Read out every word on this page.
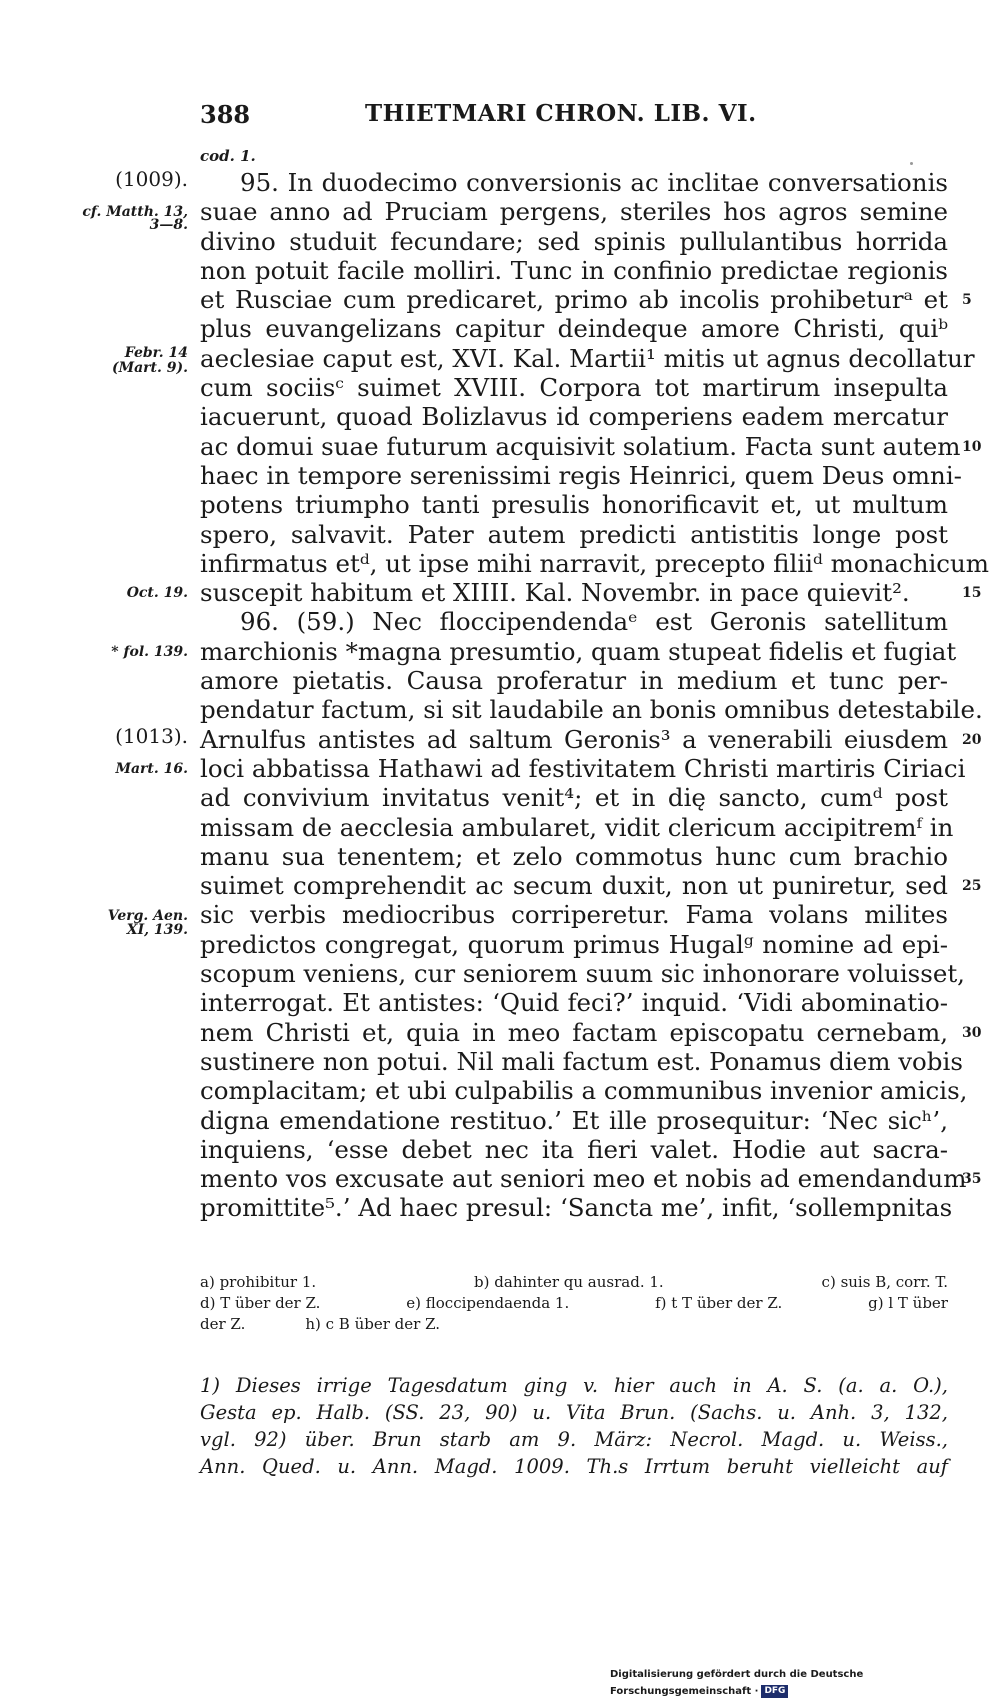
388	THIETMARI CHRON. LIB. VI.
cod. 1.
95. In duodecimo conversionis ac inclitae conversationis
suae anno ad Pruciam pergens, steriles hos agros semine
divino studuit fecundare; sed spinis pullulantibus horrida
non potuit facile molliri. Tunc in confinio predictae regionis
et Rusciae cum predicaret, primo ab incolis prohibeturᵃ et
plus euvangelizans capitur deindeque amore Christi, quiᵇ
aeclesiae caput est, XVI. Kal. Martii¹ mitis ut agnus decollatur
cum sociisᶜ suimet XVIII. Corpora tot martirum insepulta
iacuerunt, quoad Bolizlavus id comperiens eadem mercatur
ac domui suae futurum acquisivit solatium. Facta sunt autem
haec in tempore serenissimi regis Heinrici, quem Deus omni-
potens triumpho tanti presulis honorificavit et, ut multum
spero, salvavit. Pater autem predicti antistitis longe post
infirmatus etᵈ, ut ipse mihi narravit, precepto filiiᵈ monachicum
suscepit habitum et XIIII. Kal. Novembr. in pace quievit².
96. (59.) Nec floccipendendaᵉ est Geronis satellitum
marchionis *magna presumtio, quam stupeat fidelis et fugiat
amore pietatis. Causa proferatur in medium et tunc per-
pendatur factum, si sit laudabile an bonis omnibus detestabile.
Arnulfus antistes ad saltum Geronis³ a venerabili eiusdem
loci abbatissa Hathawi ad festivitatem Christi martiris Ciriaci
ad convivium invitatus venit⁴; et in dię sancto, cumᵈ post
missam de aecclesia ambularet, vidit clericum accipitremᶠ in
manu sua tenentem; et zelo commotus hunc cum brachio
suimet comprehendit ac secum duxit, non ut puniretur, sed
sic verbis mediocribus corriperetur. Fama volans milites
predictos congregat, quorum primus Hugalᵍ nomine ad epi-
scopum veniens, cur seniorem suum sic inhonorare voluisset,
interrogat. Et antistes: ‘Quid feci?’ inquid. ‘Vidi abominatio-
nem Christi et, quia in meo factam episcopatu cernebam,
sustinere non potui. Nil mali factum est. Ponamus diem vobis
complacitam; et ubi culpabilis a communibus invenior amicis,
digna emendatione restituo.’ Et ille prosequitur: ‘Nec sicʰ’,
inquiens, ‘esse debet nec ita fieri valet. Hodie aut sacra-
mento vos excusate aut seniori meo et nobis ad emendandum
promittite⁵.’ Ad haec presul: ‘Sancta me’, infit, ‘sollempnitas
(1009).
cf. Matth. 13,
3—8.
Febr. 14
(Mart. 9).
Oct. 19.
* fol. 139.
(1013).
Mart. 16.
Verg. Aen.
XI, 139.
5
10
15
20
25
30
35
a) prohibitur 1.	b) dahinter qu ausrad. 1.	c) suis B, corr. T.
d) T über der Z.	e) floccipendaenda 1.	f) t T über der Z.	g) l T über
der Z.	h) c B über der Z.
1) Dieses irrige Tagesdatum ging v. hier auch in A. S. (a. a. O.),
Gesta ep. Halb. (SS. 23, 90) u. Vita Brun. (Sachs. u. Anh. 3, 132,
vgl. 92) über. Brun starb am 9. März: Necrol. Magd. u. Weiss.,
Ann. Qued. u. Ann. Magd. 1009. Th.s Irrtum beruht vielleicht auf
Digitalisierung gefördert durch die Deutsche Forschungsgemeinschaft · DFG
